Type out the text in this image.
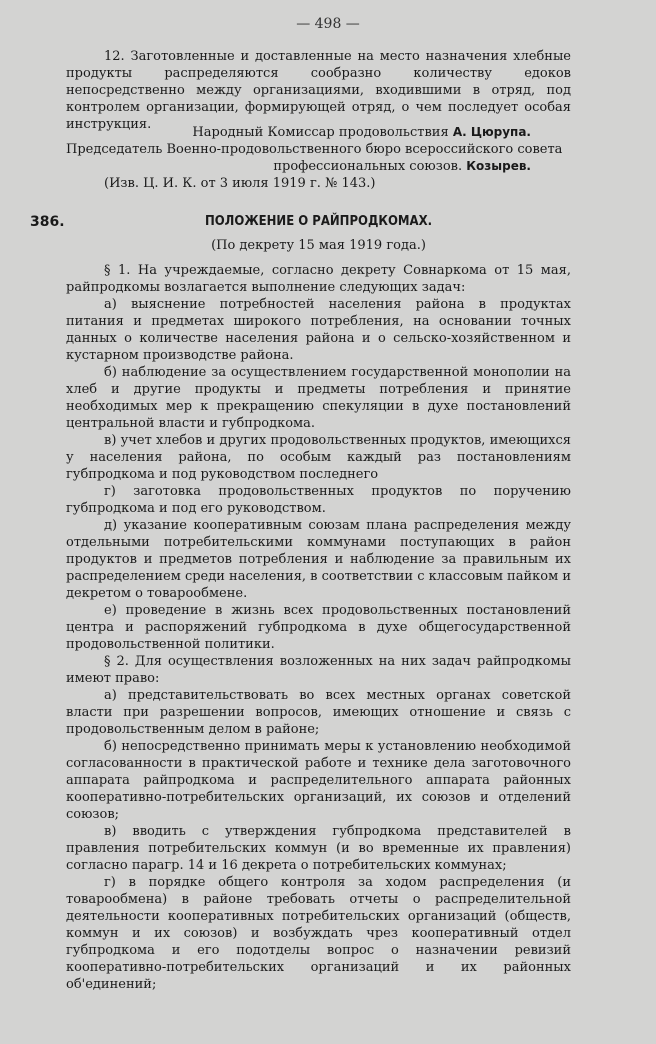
— 498 —

12. Заготовленные и доставленные на место назначения хлебные продукты распределяются сообразно количеству едоков непосредственно между организациями, входившими в отряд, под контролем организации, формирующей отряд, о чем последует особая инструкция.

Народный Комиссар продовольствия А. Цюрупа.
Председатель Военно-продовольственного бюро всероссийского совета
профессиональных союзов. Козырев.
(Изв. Ц. И. К. от 3 июля 1919 г. № 143.)
386.	ПОЛОЖЕНИЕ О РАЙПРОДКОМАХ.
(По декрету 15 мая 1919 года.)

§ 1. На учреждаемые, согласно декрету Совнаркома от 15 мая, райпродкомы возлагается выполнение следующих задач:

а) выяснение потребностей населения района в продуктах питания и предметах широкого потребления, на основании точных данных о количестве населения района и о сельско-хозяйственном и кустарном производстве района.

б) наблюдение за осуществлением государственной монополии на хлеб и другие продукты и предметы потребления и принятие необходимых мер к прекращению спекуляции в духе постановлений центральной власти и губпродкома.

в) учет хлебов и других продовольственных продуктов, имеющихся у населения района, по особым каждый раз постановлениям губпродкома и под руководством последнего

г) заготовка продовольственных продуктов по поручению губпродкома и под его руководством.

д) указание кооперативным союзам плана распределения между отдельными потребительскими коммунами поступающих в район продуктов и предметов потребления и наблюдение за правильным их распределением среди населения, в соответствии с классовым пайком и декретом о товарообмене.

е) проведение в жизнь всех продовольственных постановлений центра и распоряжений губпродкома в духе общегосударственной продовольственной политики.

§ 2. Для осуществления возложенных на них задач райпродкомы имеют право:

а) представительствовать во всех местных органах советской власти при разрешении вопросов, имеющих отношение и связь с продовольственным делом в районе;

б) непосредственно принимать меры к установлению необходимой согласованности в практической работе и технике дела заготовочного аппарата райпродкома и распределительного аппарата районных кооперативно-потребительских организаций, их союзов и отделений союзов;

в) вводить с утверждения губпродкома представителей в правления потребительских коммун (и во временные их правления) согласно парагр. 14 и 16 декрета о потребительских коммунах;

г) в порядке общего контроля за ходом распределения (и товарообмена) в районе требовать отчеты о распределительной деятельности кооперативных потребительских организаций (обществ, коммун и их союзов) и возбуждать чрез кооперативный отдел губпродкома и его подотделы вопрос о назначении ревизий кооперативно-потребительских организаций и их районных об'единений;
